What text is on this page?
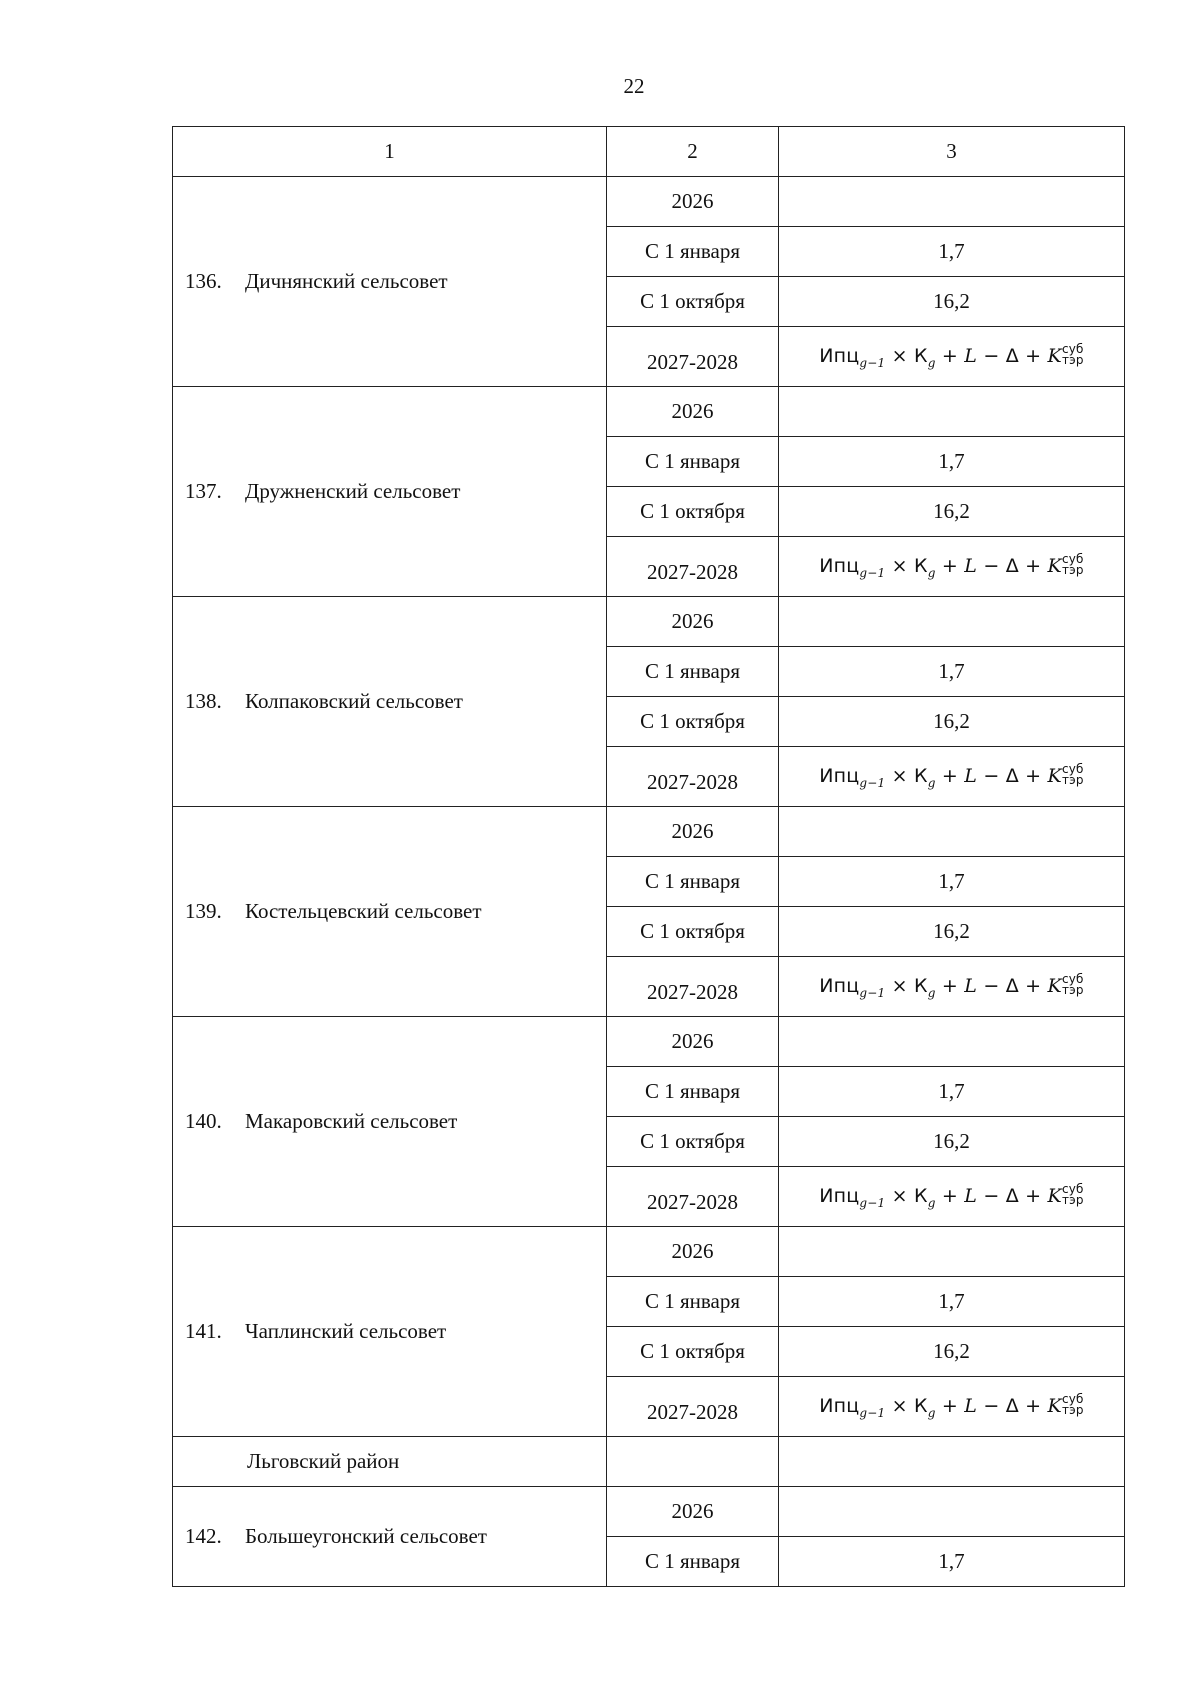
22
1	2	3
136. Дичнянский сельсовет	2026	
	С 1 января	1,7
	С 1 октября	16,2
	2027-2028	$Ипц_{g-1} \times К_g + L - \Delta + K$ суб
тэр

137. Дружненский сельсовет	2026	
	С 1 января	1,7
	С 1 октября	16,2
	2027-2028	$Ипц_{g-1} \times К_g + L - \Delta + K$ суб
тэр

138. Колпаковский сельсовет	2026	
	С 1 января	1,7
	С 1 октября	16,2
	2027-2028	$Ипц_{g-1} \times К_g + L - \Delta + K$ суб
тэр

139. Костельцевский сельсовет	2026	
	С 1 января	1,7
	С 1 октября	16,2
	2027-2028	$Ипц_{g-1} \times К_g + L - \Delta + K$ суб
тэр

140. Макаровский сельсовет	2026	
	С 1 января	1,7
	С 1 октября	16,2
	2027-2028	$Ипц_{g-1} \times К_g + L - \Delta + K$ суб
тэр

141. Чаплинский сельсовет	2026	
	С 1 января	1,7
	С 1 октября	16,2
	2027-2028	$Ипц_{g-1} \times К_g + L - \Delta + K$ суб
тэр

Льговский район		
142. Большеугонский сельсовет	2026	
	С 1 января	1,7
